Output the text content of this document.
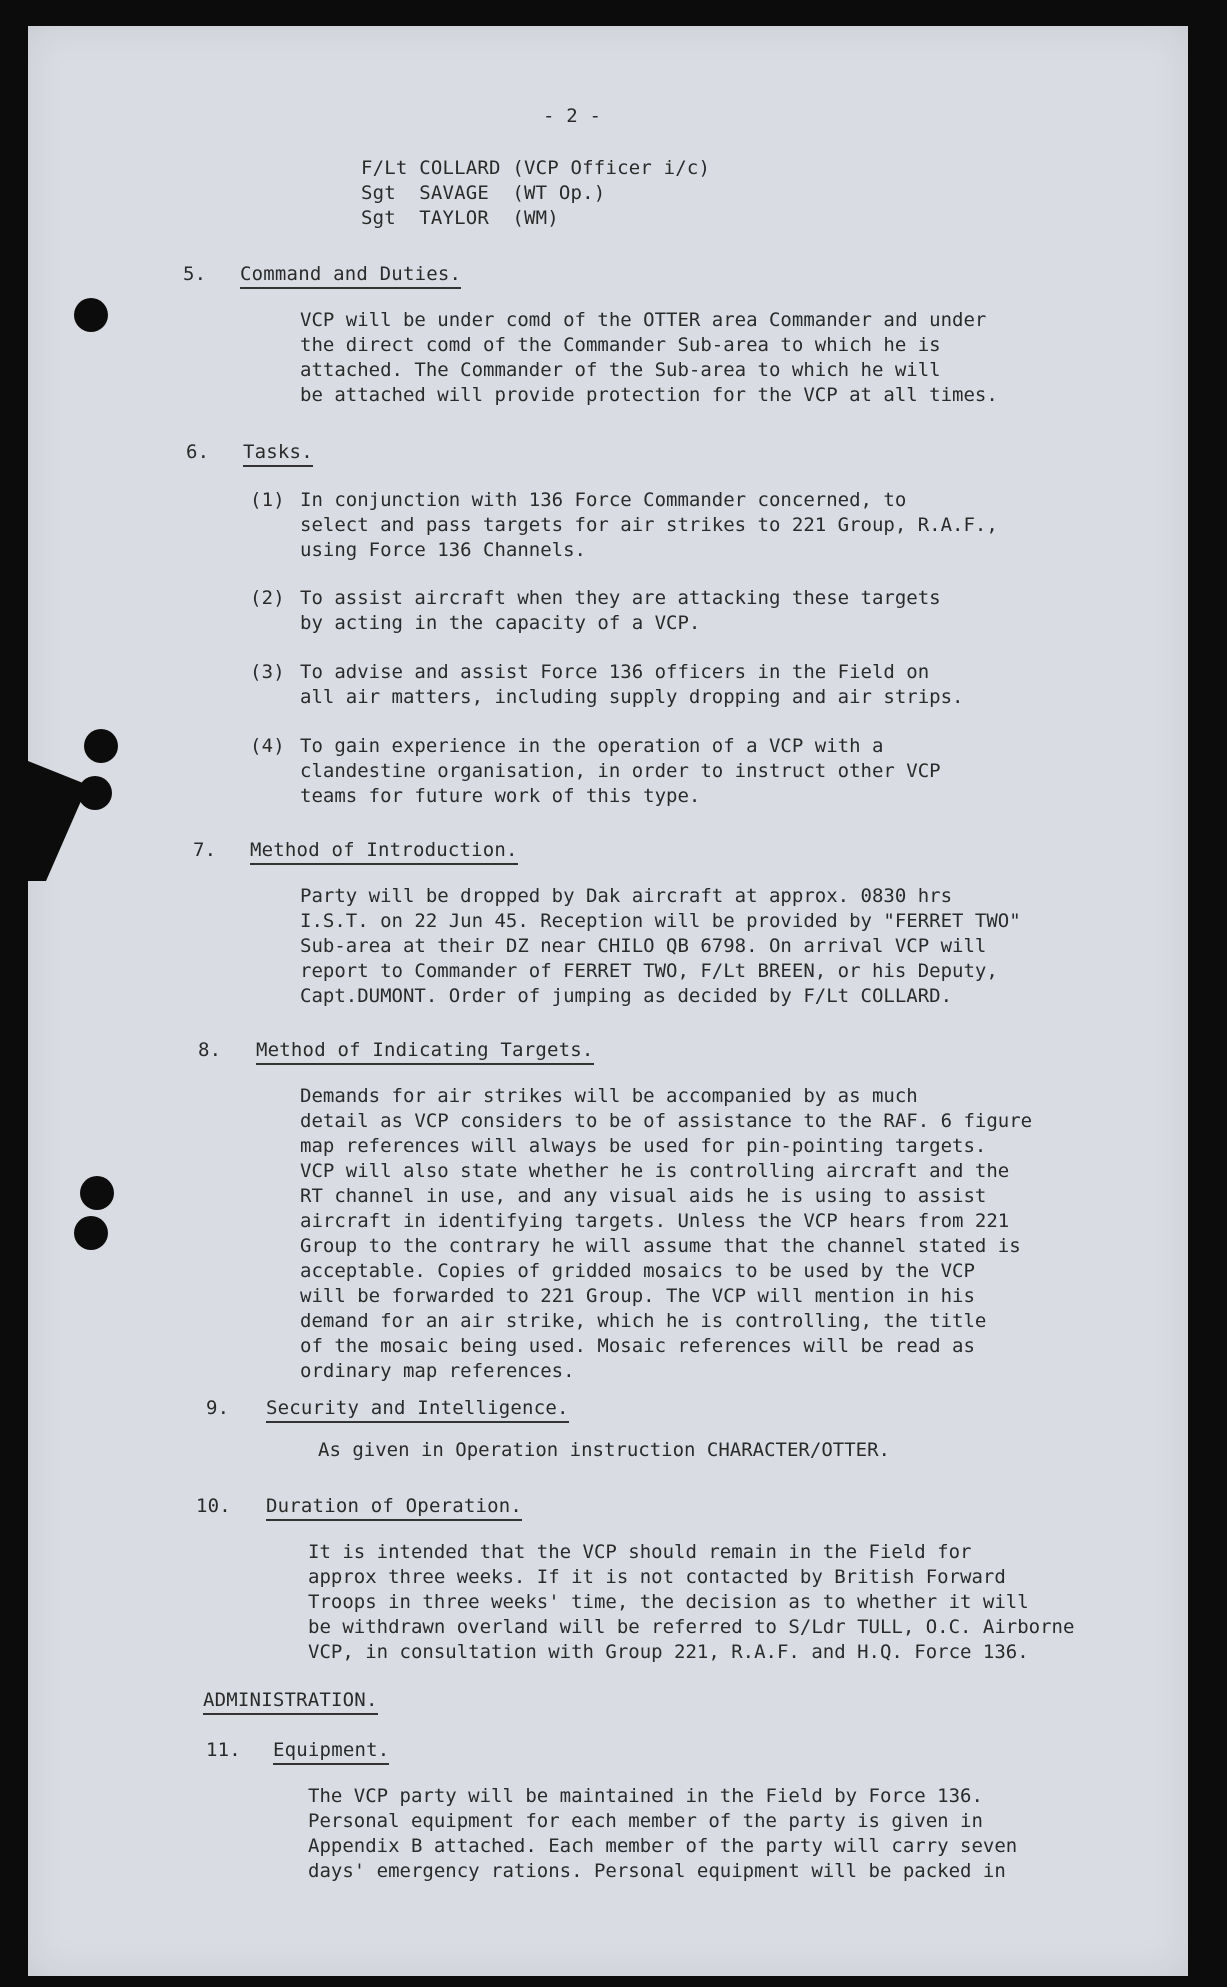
- 2 -
F/Lt COLLARD (VCP Officer i/c)
Sgt SAVAGE (WT Op.)
Sgt TAYLOR (WM)
5. Command and Duties.
VCP will be under comd of the OTTER area Commander and under
the direct comd of the Commander Sub-area to which he is
attached. The Commander of the Sub-area to which he will
be attached will provide protection for the VCP at all times.
6. Tasks.
(1) In conjunction with 136 Force Commander concerned, to
select and pass targets for air strikes to 221 Group, R.A.F.,
using Force 136 Channels.
(2) To assist aircraft when they are attacking these targets
by acting in the capacity of a VCP.
(3) To advise and assist Force 136 officers in the Field on
all air matters, including supply dropping and air strips.
(4) To gain experience in the operation of a VCP with a
clandestine organisation, in order to instruct other VCP
teams for future work of this type.
7. Method of Introduction.
Party will be dropped by Dak aircraft at approx. 0830 hrs
I.S.T. on 22 Jun 45. Reception will be provided by "FERRET TWO"
Sub-area at their DZ near CHILO QB 6798. On arrival VCP will
report to Commander of FERRET TWO, F/Lt BREEN, or his Deputy,
Capt.DUMONT. Order of jumping as decided by F/Lt COLLARD.
8. Method of Indicating Targets.
Demands for air strikes will be accompanied by as much
detail as VCP considers to be of assistance to the RAF. 6 figure
map references will always be used for pin-pointing targets.
VCP will also state whether he is controlling aircraft and the
RT channel in use, and any visual aids he is using to assist
aircraft in identifying targets. Unless the VCP hears from 221
Group to the contrary he will assume that the channel stated is
acceptable. Copies of gridded mosaics to be used by the VCP
will be forwarded to 221 Group. The VCP will mention in his
demand for an air strike, which he is controlling, the title
of the mosaic being used. Mosaic references will be read as
ordinary map references.
9. Security and Intelligence.
As given in Operation instruction CHARACTER/OTTER.
10. Duration of Operation.
It is intended that the VCP should remain in the Field for
approx three weeks. If it is not contacted by British Forward
Troops in three weeks' time, the decision as to whether it will
be withdrawn overland will be referred to S/Ldr TULL, O.C. Airborne
VCP, in consultation with Group 221, R.A.F. and H.Q. Force 136.
ADMINISTRATION.
11. Equipment.
The VCP party will be maintained in the Field by Force 136.
Personal equipment for each member of the party is given in
Appendix B attached. Each member of the party will carry seven
days' emergency rations. Personal equipment will be packed in
